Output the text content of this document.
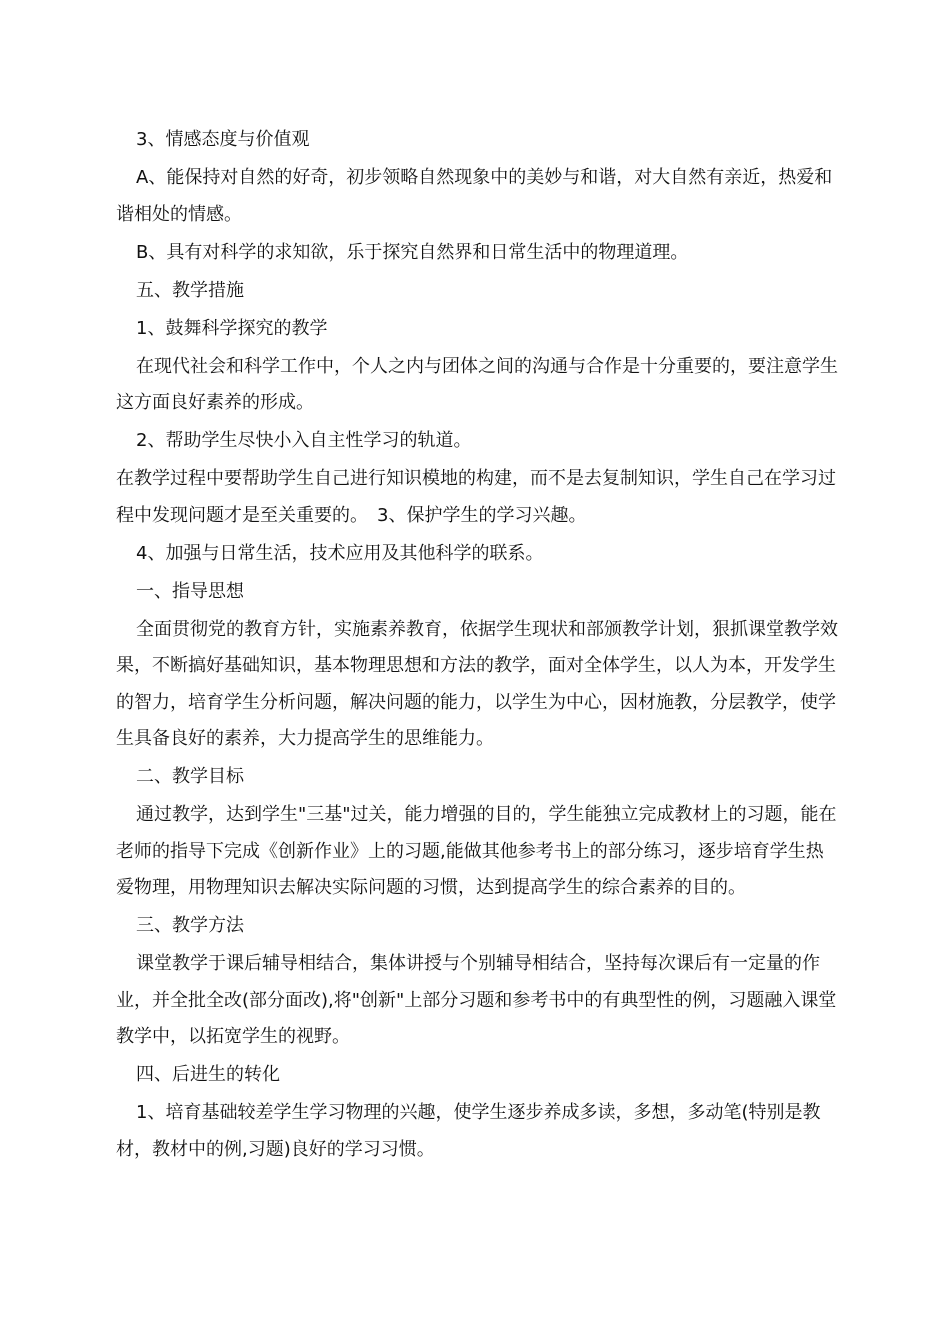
3、情感态度与价值观

A、能保持对自然的好奇，初步领略自然现象中的美妙与和谐，对大自然有亲近，热爱和谐相处的情感。

B、具有对科学的求知欲，乐于探究自然界和日常生活中的物理道理。

五、教学措施

1、鼓舞科学探究的教学

在现代社会和科学工作中，个人之内与团体之间的沟通与合作是十分重要的，要注意学生这方面良好素养的形成。

2、帮助学生尽快小入自主性学习的轨道。

在教学过程中要帮助学生自己进行知识模地的构建，而不是去复制知识，学生自己在学习过程中发现问题才是至关重要的。　3、保护学生的学习兴趣。

4、加强与日常生活，技术应用及其他科学的联系。

一、指导思想

全面贯彻党的教育方针，实施素养教育，依据学生现状和部颁教学计划，狠抓课堂教学效果，不断搞好基础知识，基本物理思想和方法的教学，面对全体学生，以人为本，开发学生的智力，培育学生分析问题，解决问题的能力，以学生为中心，因材施教，分层教学，使学生具备良好的素养，大力提高学生的思维能力。

二、教学目标

通过教学，达到学生"三基"过关，能力增强的目的，学生能独立完成教材上的习题，能在老师的指导下完成《创新作业》上的习题,能做其他参考书上的部分练习，逐步培育学生热爱物理，用物理知识去解决实际问题的习惯，达到提高学生的综合素养的目的。

三、教学方法

课堂教学于课后辅导相结合，集体讲授与个别辅导相结合，坚持每次课后有一定量的作业，并全批全改(部分面改),将"创新"上部分习题和参考书中的有典型性的例，习题融入课堂教学中，以拓宽学生的视野。

四、后进生的转化

1、培育基础较差学生学习物理的兴趣，使学生逐步养成多读，多想，多动笔(特别是教材，教材中的例,习题)良好的学习习惯。
